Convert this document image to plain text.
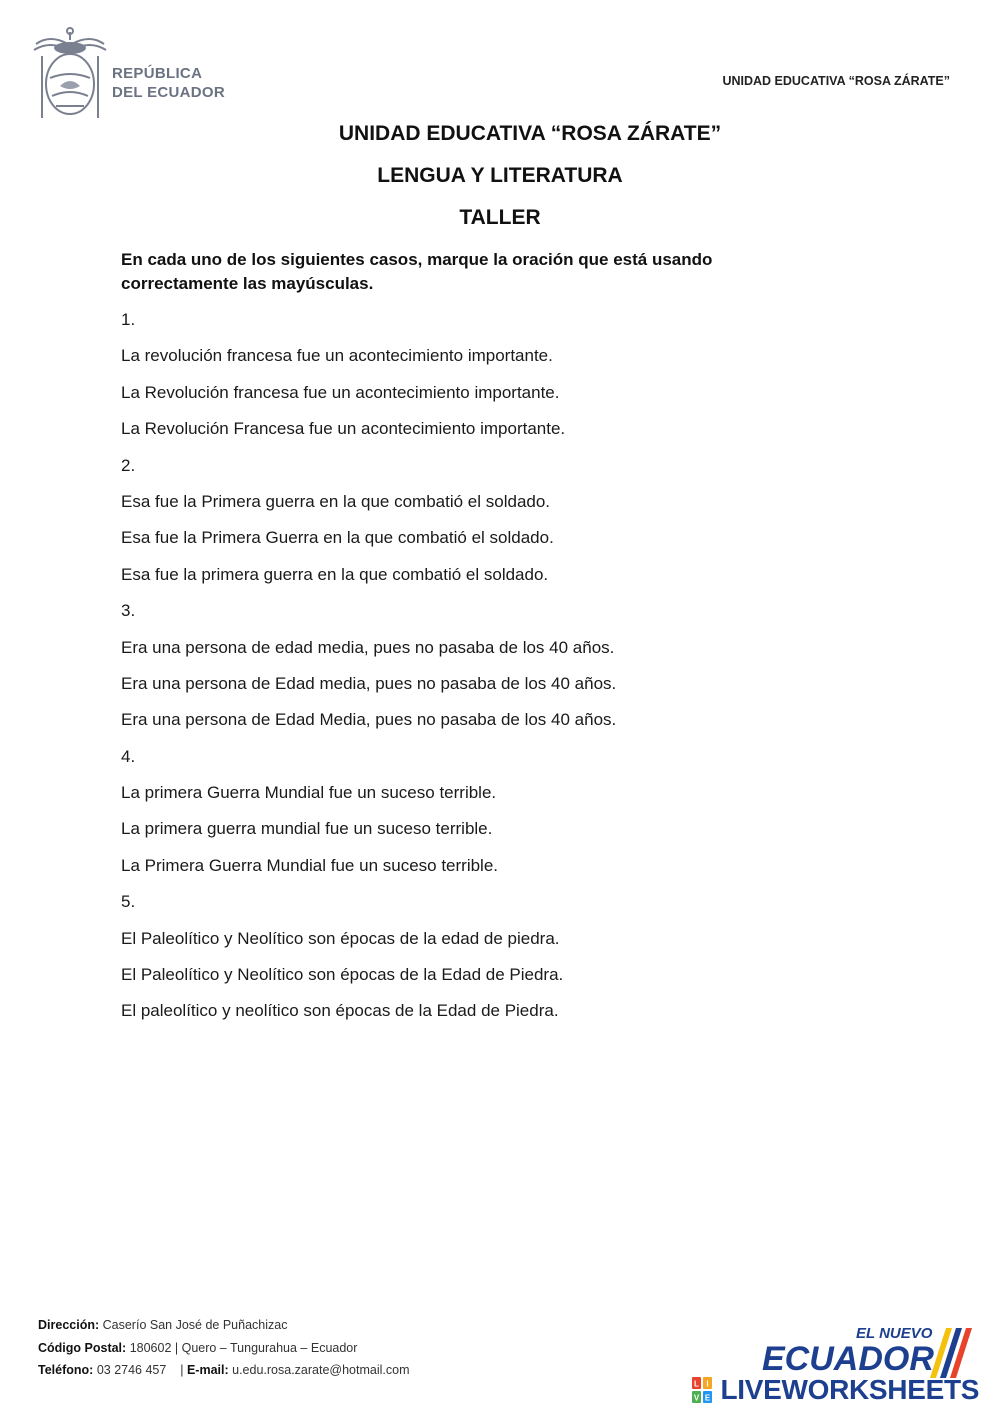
REPÚBLICA
DEL ECUADOR
UNIDAD EDUCATIVA “ROSA ZÁRATE”
UNIDAD EDUCATIVA “ROSA ZÁRATE”
LENGUA Y LITERATURA
TALLER
En cada uno de los siguientes casos, marque la oración que está usando correctamente las mayúsculas.
1.
La revolución francesa fue un acontecimiento importante.
La Revolución francesa fue un acontecimiento importante.
La Revolución Francesa fue un acontecimiento importante.
2.
Esa fue la Primera guerra en la que combatió el soldado.
Esa fue la Primera Guerra en la que combatió el soldado.
Esa fue la primera guerra en la que combatió el soldado.
3.
Era una persona de edad media, pues no pasaba de los 40 años.
Era una persona de Edad media, pues no pasaba de los 40 años.
Era una persona de Edad Media, pues no pasaba de los 40 años.
4.
La primera Guerra Mundial fue un suceso terrible.
La primera guerra mundial fue un suceso terrible.
La Primera Guerra Mundial fue un suceso terrible.
5.
El Paleolítico y Neolítico son épocas de la edad de piedra.
El Paleolítico y Neolítico son épocas de la Edad de Piedra.
El paleolítico y neolítico son épocas de la Edad de Piedra.
Dirección: Caserío San José de Puñachizac
Código Postal: 180602 | Quero – Tungurahua – Ecuador
Teléfono: 03 2746 457    | E-mail: u.edu.rosa.zarate@hotmail.com
EL NUEVO
ECUADOR
L I
V E LIVEWORKSHEETS
